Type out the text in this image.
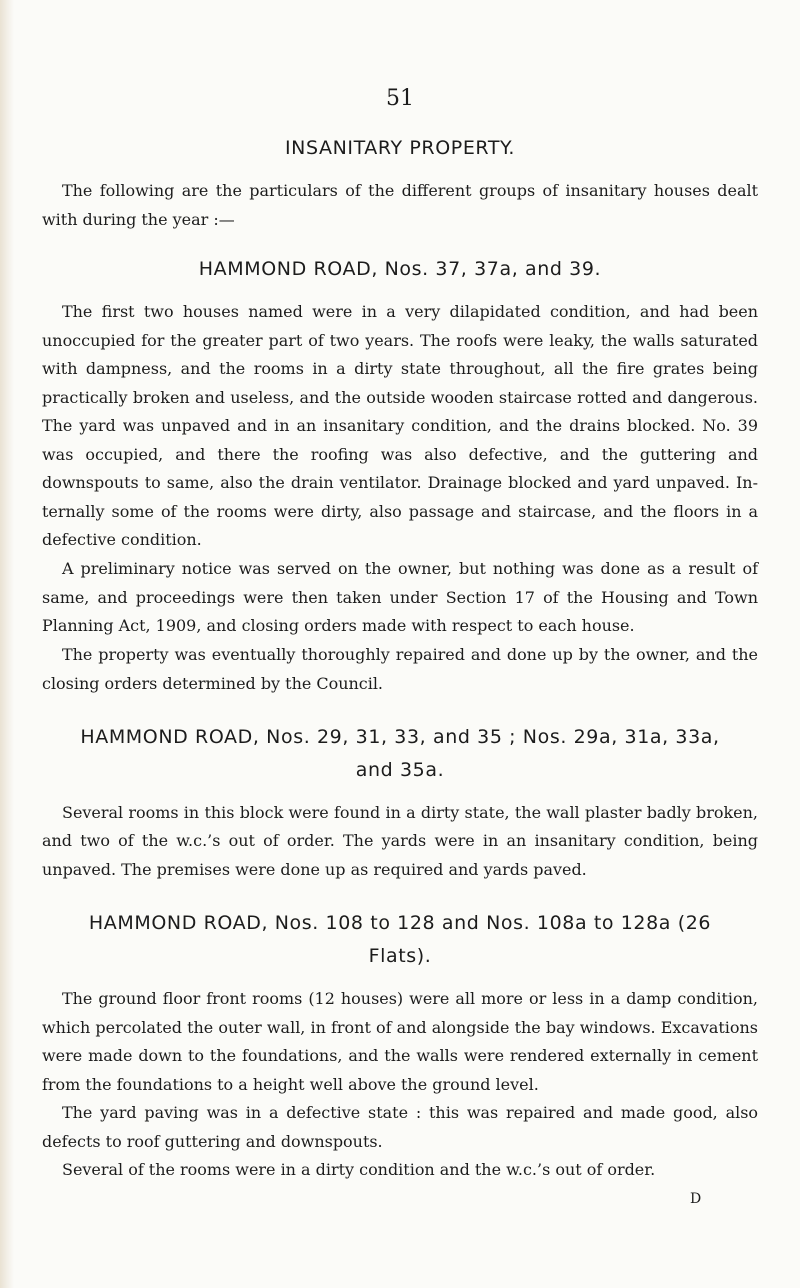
51
INSANITARY PROPERTY.

The following are the particulars of the different groups of insanitary houses dealt with during the year :—

HAMMOND ROAD, Nos. 37, 37a, and 39.

The first two houses named were in a very dilapidated condition, and had been unoccupied for the greater part of two years. The roofs were leaky, the walls saturated with dampness, and the rooms in a dirty state throughout, all the fire grates being practically broken and useless, and the outside wooden staircase rotted and dangerous. The yard was unpaved and in an insanitary condition, and the drains blocked. No. 39 was occupied, and there the roofing was also defective, and the guttering and downspouts to same, also the drain ventilator. Drainage blocked and yard unpaved. Internally some of the rooms were dirty, also passage and staircase, and the floors in a defective condition.

A preliminary notice was served on the owner, but nothing was done as a result of same, and proceedings were then taken under Section 17 of the Housing and Town Planning Act, 1909, and closing orders made with respect to each house.

The property was eventually thoroughly repaired and done up by the owner, and the closing orders determined by the Council.

HAMMOND ROAD, Nos. 29, 31, 33, and 35 ; Nos. 29a, 31a, 33a, and 35a.

Several rooms in this block were found in a dirty state, the wall plaster badly broken, and two of the w.c.’s out of order. The yards were in an insanitary condition, being unpaved. The premises were done up as required and yards paved.

HAMMOND ROAD, Nos. 108 to 128 and Nos. 108a to 128a (26 Flats).

The ground floor front rooms (12 houses) were all more or less in a damp condition, which percolated the outer wall, in front of and alongside the bay windows. Excavations were made down to the foundations, and the walls were rendered externally in cement from the foundations to a height well above the ground level.

The yard paving was in a defective state : this was repaired and made good, also defects to roof guttering and downspouts.

Several of the rooms were in a dirty condition and the w.c.’s out of order.

D
